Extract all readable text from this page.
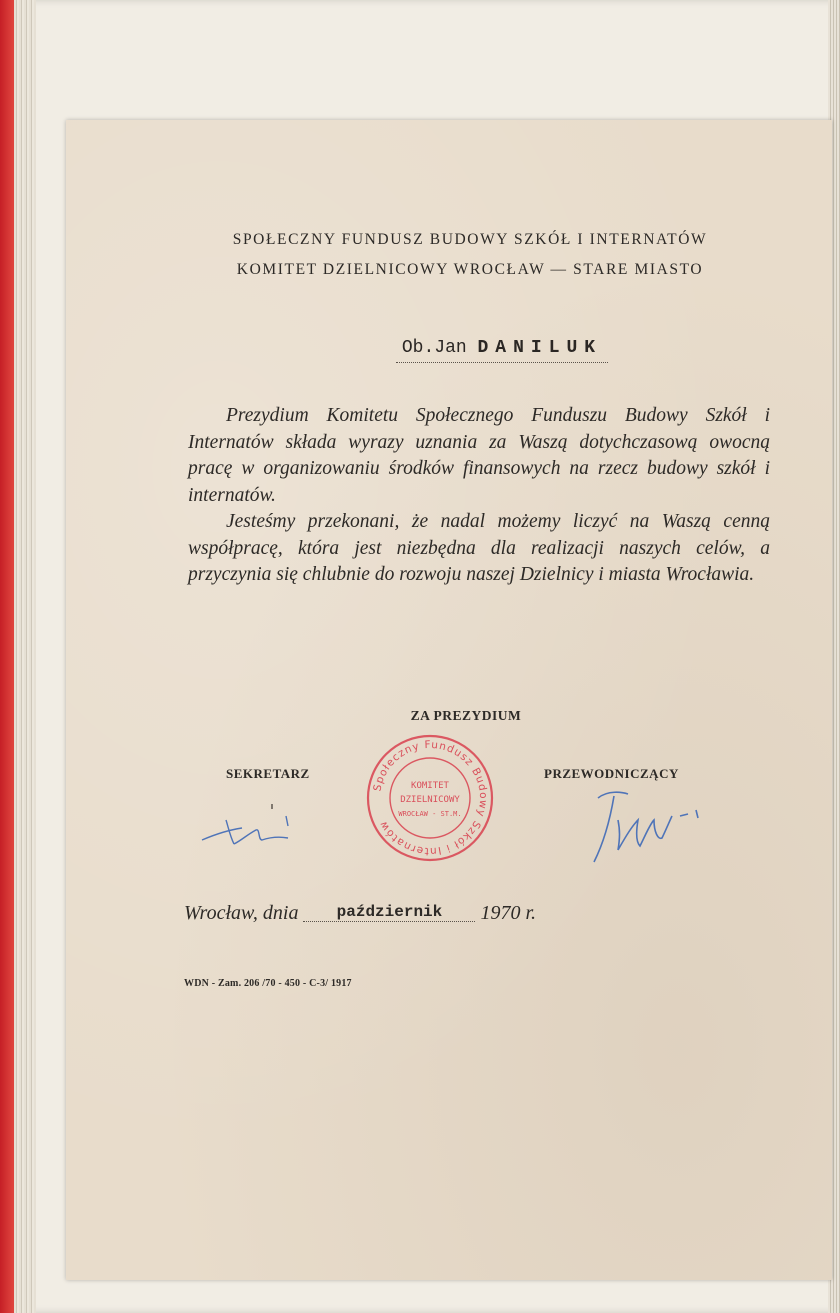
SPOŁECZNY FUNDUSZ BUDOWY SZKÓŁ I INTERNATÓW
KOMITET DZIELNICOWY WROCŁAW — STARE MIASTO
Ob.Jan DANILUK

Prezydium Komitetu Społecznego Funduszu Budowy Szkół i Internatów składa wyrazy uznania za Waszą dotychczasową owocną pracę w organizowaniu środków finansowych na rzecz budowy szkół i internatów.

Jesteśmy przekonani, że nadal możemy liczyć na Waszą cenną współpracę, która jest niezbędna dla realizacji naszych celów, a przyczynia się chlubnie do rozwoju naszej Dzielnicy i miasta Wrocławia.

ZA PREZYDIUM
SEKRETARZ	PRZEWODNICZĄCY
Społeczny Fundusz Budowy Szkół i Internatów
KOMITET
DZIELNICOWY
WROCŁAW - ST.M.
Wrocław, dnia październik 1970 r.
WDN - Zam. 206 /70 - 450 - C-3/ 1917
